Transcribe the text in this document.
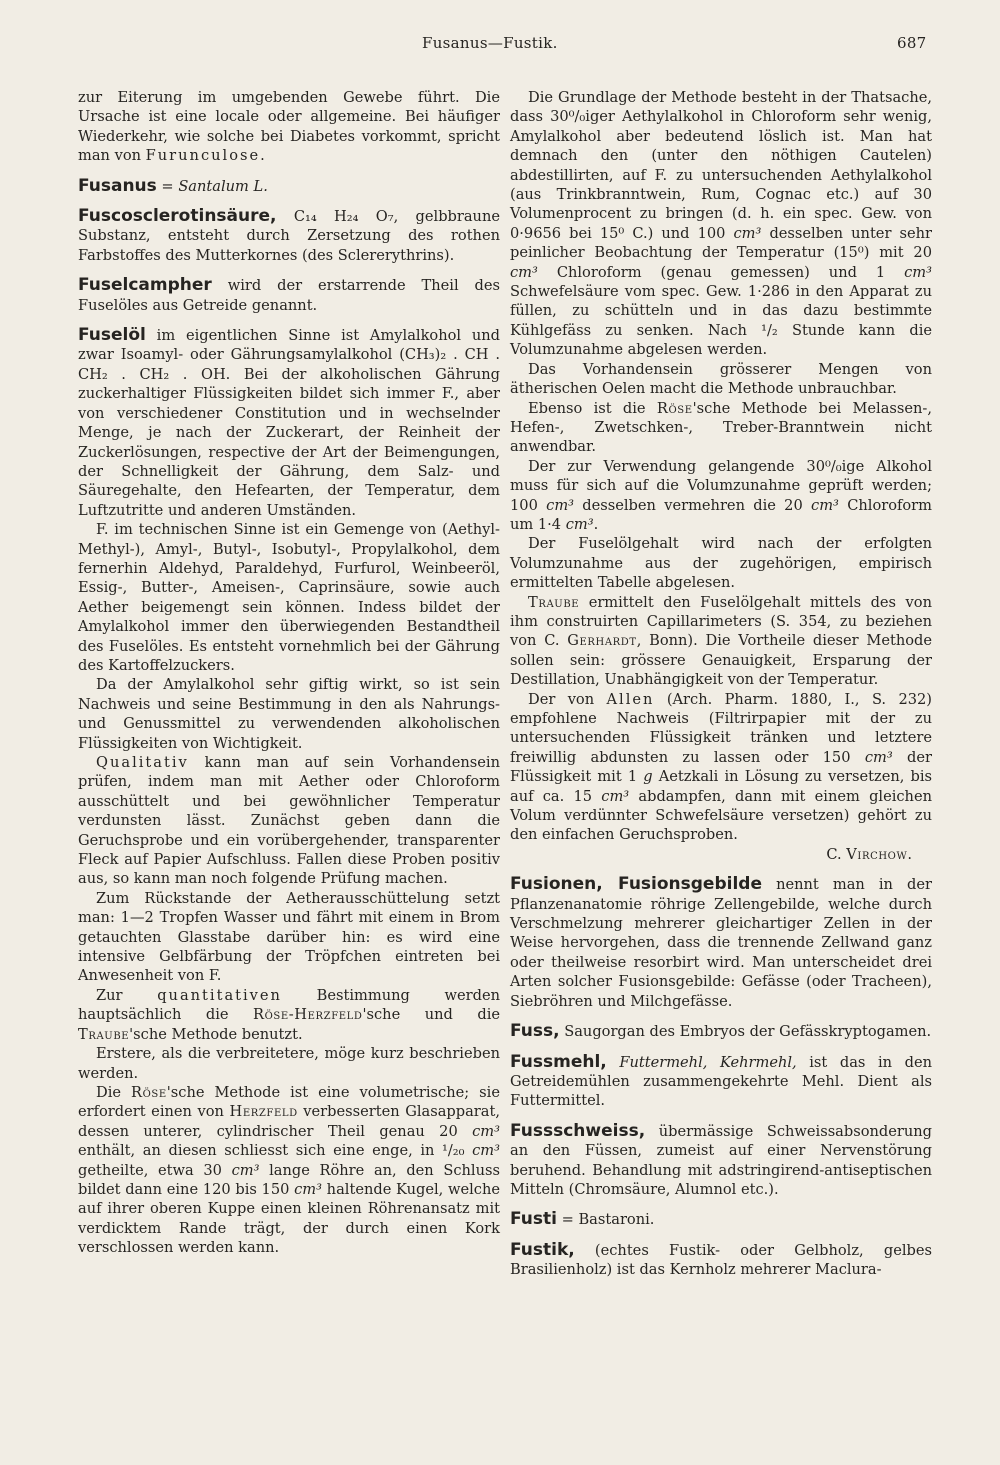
Fusanus—Fustik.	687

zur Eiterung im umgebenden Gewebe führt. Die Ursache ist eine locale oder allgemeine. Bei häufiger Wiederkehr, wie solche bei Diabetes vorkommt, spricht man von Furunculose.

Fusanus = Santalum L.

Fuscosclerotinsäure, C₁₄ H₂₄ O₇, gelbbraune Substanz, entsteht durch Zersetzung des rothen Farbstoffes des Mutterkornes (des Sclererythrins).

Fuselcampher wird der erstarrende Theil des Fuselöles aus Getreide genannt.

Fuselöl im eigentlichen Sinne ist Amylalkohol und zwar Isoamyl- oder Gährungsamylalkohol (CH₃)₂ . CH . CH₂ . CH₂ . OH. Bei der alkoholischen Gährung zuckerhaltiger Flüssigkeiten bildet sich immer F., aber von verschiedener Constitution und in wechselnder Menge, je nach der Zuckerart, der Reinheit der Zuckerlösungen, respective der Art der Beimengungen, der Schnelligkeit der Gährung, dem Salz- und Säuregehalte, den Hefearten, der Temperatur, dem Luftzutritte und anderen Umständen.

F. im technischen Sinne ist ein Gemenge von (Aethyl-Methyl-), Amyl-, Butyl-, Isobutyl-, Propylalkohol, dem fernerhin Aldehyd, Paraldehyd, Furfurol, Weinbeeröl, Essig-, Butter-, Ameisen-, Caprinsäure, sowie auch Aether beigemengt sein können. Indess bildet der Amylalkohol immer den überwiegenden Bestandtheil des Fuselöles. Es entsteht vornehmlich bei der Gährung des Kartoffelzuckers.

Da der Amylalkohol sehr giftig wirkt, so ist sein Nachweis und seine Bestimmung in den als Nahrungs- und Genussmittel zu verwendenden alkoholischen Flüssigkeiten von Wichtigkeit.

Qualitativ kann man auf sein Vorhandensein prüfen, indem man mit Aether oder Chloroform ausschüttelt und bei gewöhnlicher Temperatur verdunsten lässt. Zunächst geben dann die Geruchsprobe und ein vorübergehender, transparenter Fleck auf Papier Aufschluss. Fallen diese Proben positiv aus, so kann man noch folgende Prüfung machen.

Zum Rückstande der Aetherausschüttelung setzt man: 1—2 Tropfen Wasser und fährt mit einem in Brom getauchten Glasstabe darüber hin: es wird eine intensive Gelbfärbung der Tröpfchen eintreten bei Anwesenheit von F.

Zur quantitativen Bestimmung werden hauptsächlich die Röse-Herzfeld'sche und die Traube'sche Methode benutzt.

Erstere, als die verbreitetere, möge kurz beschrieben werden.

Die Röse'sche Methode ist eine volumetrische; sie erfordert einen von Herzfeld verbesserten Glasapparat, dessen unterer, cylindrischer Theil genau 20 cm³ enthält, an diesen schliesst sich eine enge, in ¹/₂₀ cm³ getheilte, etwa 30 cm³ lange Röhre an, den Schluss bildet dann eine 120 bis 150 cm³ haltende Kugel, welche auf ihrer oberen Kuppe einen kleinen Röhrenansatz mit verdicktem Rande trägt, der durch einen Kork verschlossen werden kann.

Die Grundlage der Methode besteht in der Thatsache, dass 30⁰/₀iger Aethylalkohol in Chloroform sehr wenig, Amylalkohol aber bedeutend löslich ist. Man hat demnach den (unter den nöthigen Cautelen) abdestillirten, auf F. zu untersuchenden Aethylalkohol (aus Trinkbranntwein, Rum, Cognac etc.) auf 30 Volumenprocent zu bringen (d. h. ein spec. Gew. von 0·9656 bei 15⁰ C.) und 100 cm³ desselben unter sehr peinlicher Beobachtung der Temperatur (15⁰) mit 20 cm³ Chloroform (genau gemessen) und 1 cm³ Schwefelsäure vom spec. Gew. 1·286 in den Apparat zu füllen, zu schütteln und in das dazu bestimmte Kühlgefäss zu senken. Nach ¹/₂ Stunde kann die Volumzunahme abgelesen werden.

Das Vorhandensein grösserer Mengen von ätherischen Oelen macht die Methode unbrauchbar.

Ebenso ist die Röse'sche Methode bei Melassen-, Hefen-, Zwetschken-, Treber-Branntwein nicht anwendbar.

Der zur Verwendung gelangende 30⁰/₀ige Alkohol muss für sich auf die Volumzunahme geprüft werden; 100 cm³ desselben vermehren die 20 cm³ Chloroform um 1·4 cm³.

Der Fuselölgehalt wird nach der erfolgten Volumzunahme aus der zugehörigen, empirisch ermittelten Tabelle abgelesen.

Traube ermittelt den Fuselölgehalt mittels des von ihm construirten Capillarimeters (S. 354, zu beziehen von C. Gerhardt, Bonn). Die Vortheile dieser Methode sollen sein: grössere Genauigkeit, Ersparung der Destillation, Unabhängigkeit von der Temperatur.

Der von Allen (Arch. Pharm. 1880, I., S. 232) empfohlene Nachweis (Filtrirpapier mit der zu untersuchenden Flüssigkeit tränken und letztere freiwillig abdunsten zu lassen oder 150 cm³ der Flüssigkeit mit 1 g Aetzkali in Lösung zu versetzen, bis auf ca. 15 cm³ abdampfen, dann mit einem gleichen Volum verdünnter Schwefelsäure versetzen) gehört zu den einfachen Geruchsproben.

C. Virchow.

Fusionen, Fusionsgebilde nennt man in der Pflanzenanatomie röhrige Zellengebilde, welche durch Verschmelzung mehrerer gleichartiger Zellen in der Weise hervorgehen, dass die trennende Zellwand ganz oder theilweise resorbirt wird. Man unterscheidet drei Arten solcher Fusionsgebilde: Gefässe (oder Tracheen), Siebröhren und Milchgefässe.

Fuss, Saugorgan des Embryos der Gefässkryptogamen.

Fussmehl, Futtermehl, Kehrmehl, ist das in den Getreidemühlen zusammengekehrte Mehl. Dient als Futtermittel.

Fussschweiss, übermässige Schweissabsonderung an den Füssen, zumeist auf einer Nervenstörung beruhend. Behandlung mit adstringirend-antiseptischen Mitteln (Chromsäure, Alumnol etc.).

Fusti = Bastaroni.

Fustik, (echtes Fustik- oder Gelbholz, gelbes Brasilienholz) ist das Kernholz mehrerer Maclura-
